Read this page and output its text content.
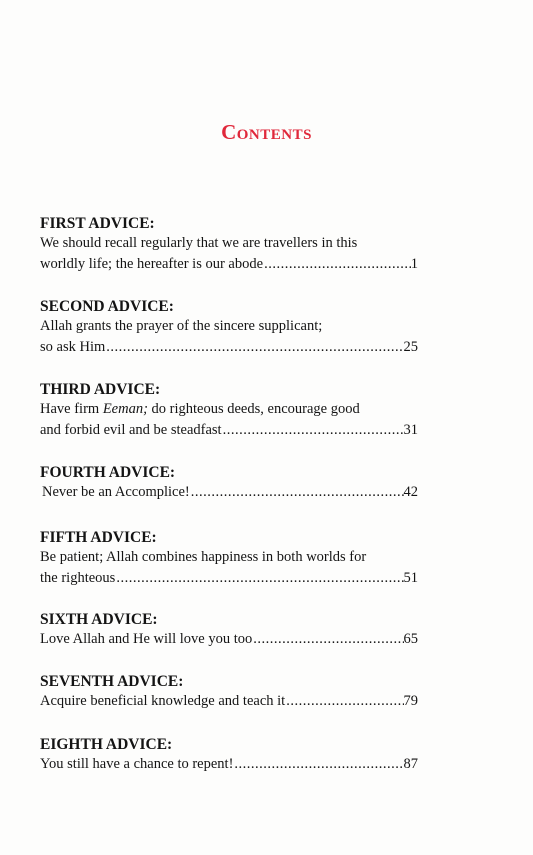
Contents

FIRST ADVICE:

We should recall regularly that we are travellers in this

worldly life; the hereafter is our abode .....	1

SECOND ADVICE:

Allah grants the prayer of the sincere supplicant;

so ask Him .....	25

THIRD ADVICE:

Have firm Eeman; do righteous deeds, encourage good

and forbid evil and be steadfast .....	31

FOURTH ADVICE:

Never be an Accomplice! .....	42

FIFTH ADVICE:

Be patient; Allah combines happiness in both worlds for

the righteous .....	51

SIXTH ADVICE:

Love Allah and He will love you too .....	65

SEVENTH ADVICE:

Acquire beneficial knowledge and teach it .....	79

EIGHTH ADVICE:

You still have a chance to repent! .....	87
